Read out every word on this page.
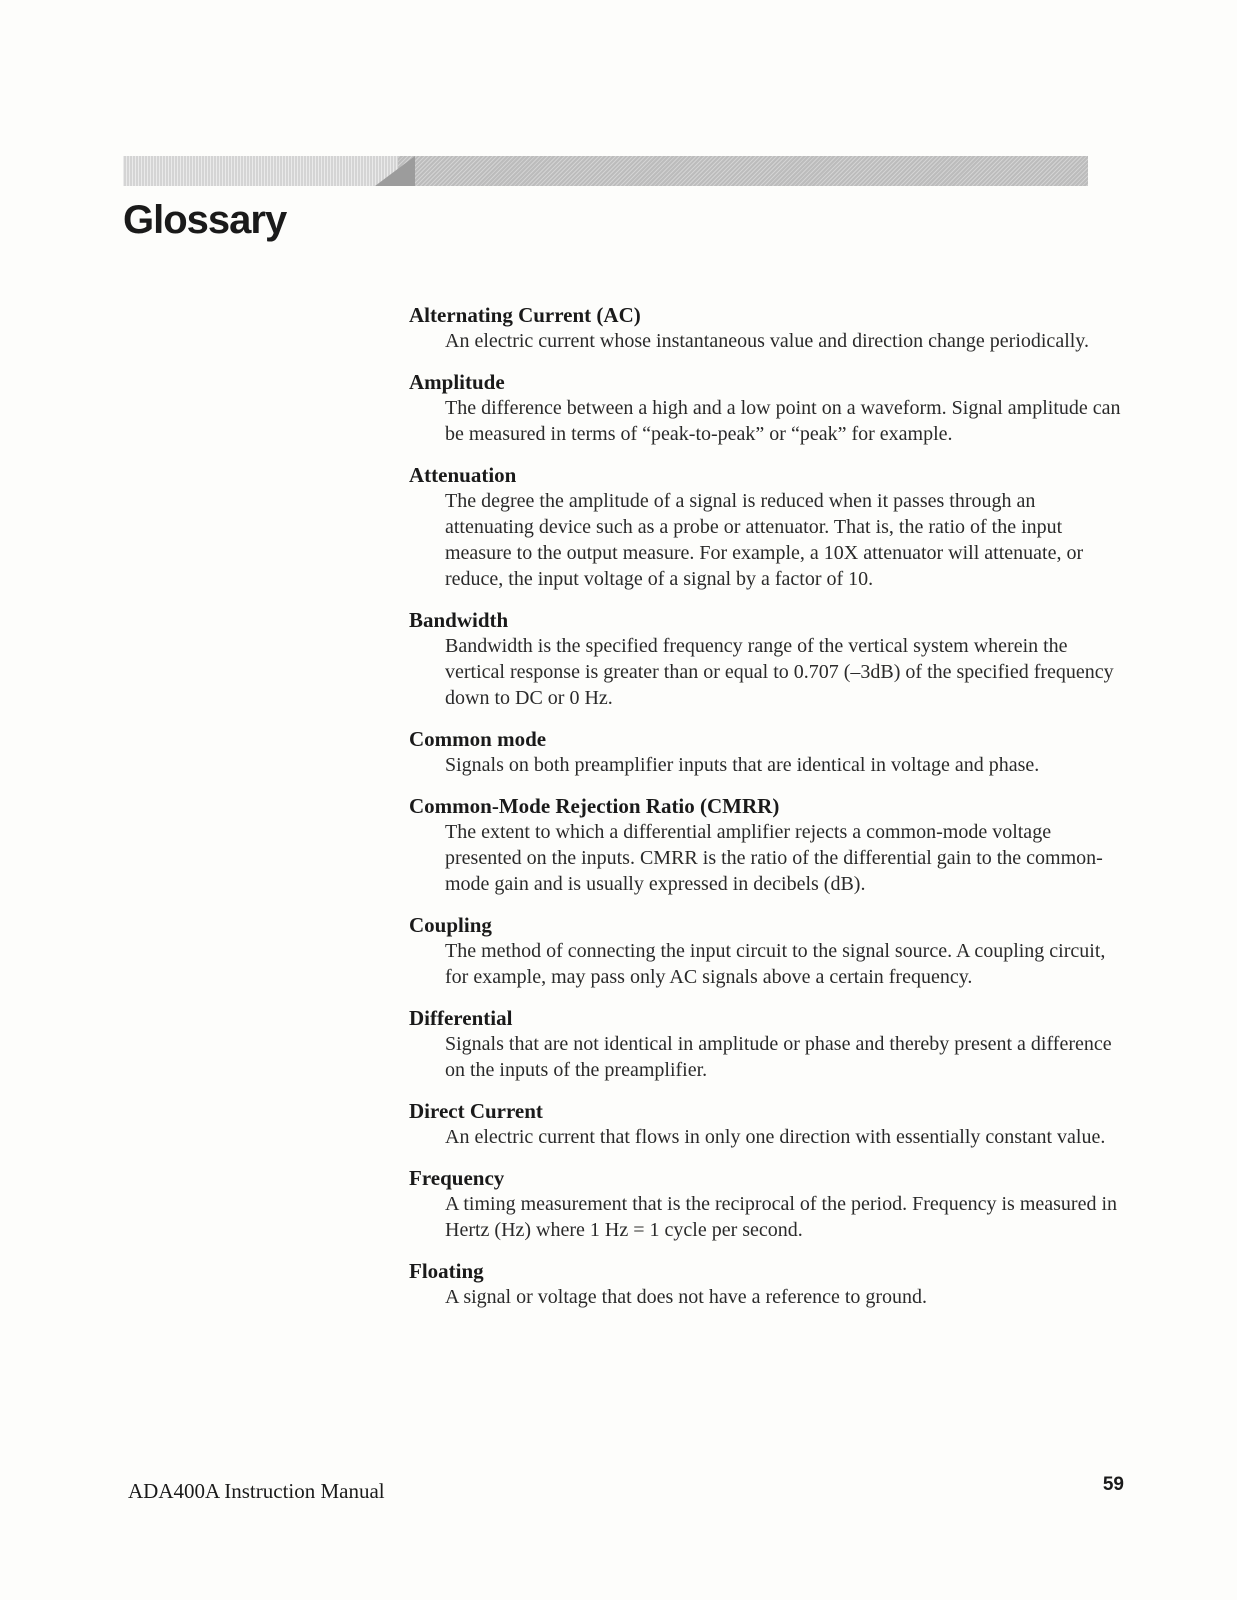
Glossary

Alternating Current (AC)

An electric current whose instantaneous value and direction change periodically.

Amplitude

The difference between a high and a low point on a waveform. Signal amplitude can be measured in terms of “peak-to-peak” or “peak” for example.

Attenuation

The degree the amplitude of a signal is reduced when it passes through an attenuating device such as a probe or attenuator. That is, the ratio of the input measure to the output measure. For example, a 10X attenuator will attenuate, or reduce, the input voltage of a signal by a factor of 10.

Bandwidth

Bandwidth is the specified frequency range of the vertical system wherein the vertical response is greater than or equal to 0.707 (–3dB) of the specified frequency down to DC or 0 Hz.

Common mode

Signals on both preamplifier inputs that are identical in voltage and phase.

Common-Mode Rejection Ratio (CMRR)

The extent to which a differential amplifier rejects a common-mode voltage presented on the inputs. CMRR is the ratio of the differential gain to the common-mode gain and is usually expressed in decibels (dB).

Coupling

The method of connecting the input circuit to the signal source. A coupling circuit, for example, may pass only AC signals above a certain frequency.

Differential

Signals that are not identical in amplitude or phase and thereby present a difference on the inputs of the preamplifier.

Direct Current

An electric current that flows in only one direction with essentially constant value.

Frequency

A timing measurement that is the reciprocal of the period. Frequency is measured in Hertz (Hz) where 1 Hz = 1 cycle per second.

Floating

A signal or voltage that does not have a reference to ground.

ADA400A Instruction Manual	59
